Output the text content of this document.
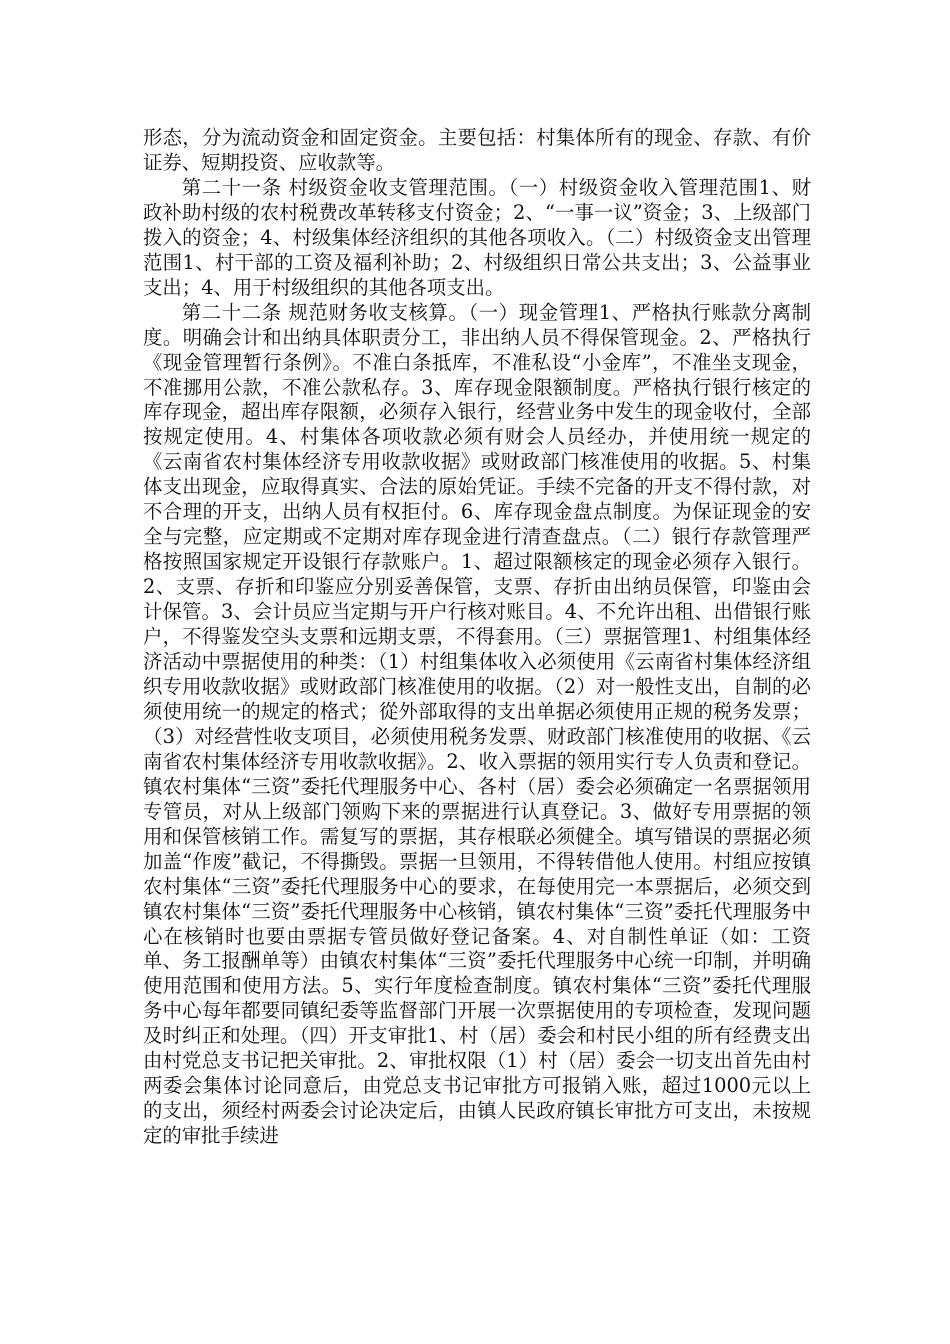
形态，分为流动资金和固定资金。主要包括：村集体所有的现金、存款、有价证券、短期投资、应收款等。

第二十一条 村级资金收支管理范围。（一）村级资金收入管理范围1、财政补助村级的农村税费改革转移支付资金；2、“一事一议”资金；3、上级部门拨入的资金；4、村级集体经济组织的其他各项收入。（二）村级资金支出管理范围1、村干部的工资及福利补助；2、村级组织日常公共支出；3、公益事业支出；4、用于村级组织的其他各项支出。

第二十二条 规范财务收支核算。（一）现金管理1、严格执行账款分离制度。明确会计和出纳具体职责分工，非出纳人员不得保管现金。2、严格执行《现金管理暂行条例》。不准白条抵库，不准私设“小金库”，不准坐支现金，不准挪用公款，不准公款私存。3、库存现金限额制度。严格执行银行核定的库存现金，超出库存限额，必须存入银行，经营业务中发生的现金收付，全部按规定使用。4、村集体各项收款必须有财会人员经办，并使用统一规定的《云南省农村集体经济专用收款收据》或财政部门核准使用的收据。5、村集体支出现金，应取得真实、合法的原始凭证。手续不完备的开支不得付款，对不合理的开支，出纳人员有权拒付。6、库存现金盘点制度。为保证现金的安全与完整，应定期或不定期对库存现金进行清查盘点。（二）银行存款管理严格按照国家规定开设银行存款账户。1、超过限额核定的现金必须存入银行。2、支票、存折和印鉴应分别妥善保管，支票、存折由出纳员保管，印鉴由会计保管。3、会计员应当定期与开户行核对账目。4、不允许出租、出借银行账户，不得鉴发空头支票和远期支票，不得套用。（三）票据管理1、村组集体经济活动中票据使用的种类：（1）村组集体收入必须使用《云南省村集体经济组织专用收款收据》或财政部门核准使用的收据。（2）对一般性支出，自制的必须使用统一的规定的格式；從外部取得的支出单据必须使用正规的税务发票；（3）对经营性收支项目，必须使用税务发票、财政部门核准使用的收据、《云南省农村集体经济专用收款收据》。2、收入票据的领用实行专人负责和登记。镇农村集体“三资”委托代理服务中心、各村（居）委会必须确定一名票据领用专管员，对从上级部门领购下来的票据进行认真登记。3、做好专用票据的领用和保管核销工作。需复写的票据，其存根联必须健全。填写错误的票据必须加盖“作废”截记，不得撕毁。票据一旦领用，不得转借他人使用。村组应按镇农村集体“三资”委托代理服务中心的要求，在每使用完一本票据后，必须交到镇农村集体“三资”委托代理服务中心核销，镇农村集体“三资”委托代理服务中心在核销时也要由票据专管员做好登记备案。4、对自制性单证（如：工资单、务工报酬单等）由镇农村集体“三资”委托代理服务中心统一印制，并明确使用范围和使用方法。5、实行年度检查制度。镇农村集体“三资”委托代理服务中心每年都要同镇纪委等监督部门开展一次票据使用的专项检查，发现问题及时纠正和处理。（四）开支审批1、村（居）委会和村民小组的所有经费支出由村党总支书记把关审批。2、审批权限（1）村（居）委会一切支出首先由村两委会集体讨论同意后，由党总支书记审批方可报销入账，超过1000元以上的支出，须经村两委会讨论决定后，由镇人民政府镇长审批方可支出，未按规定的审批手续进
